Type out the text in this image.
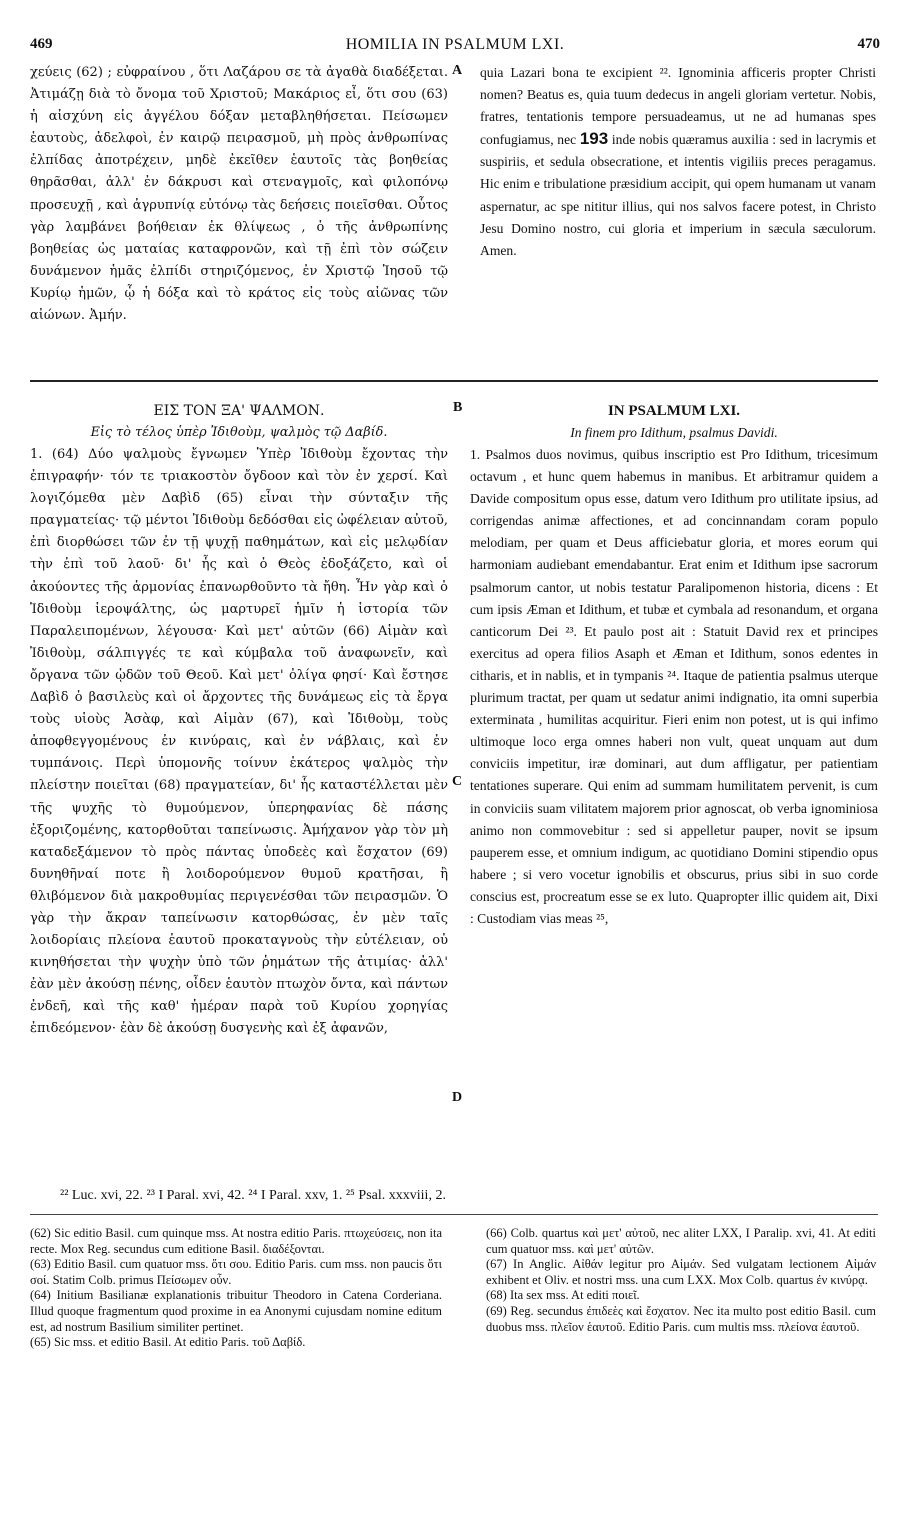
469	HOMILIA IN PSALMUM LXI.	470
A
B
C
D

χεύεις (62) ; εὐφραίνου , ὅτι Λαζάρου σε τὰ ἀγαθὰ διαδέξεται. Ἀτιμάζῃ διὰ τὸ ὄνομα τοῦ Χριστοῦ; Μακάριος εἶ, ὅτι σου (63) ἡ αἰσχύνη εἰς ἀγγέλου δόξαν μεταβληθήσεται. Πείσωμεν ἑαυτοὺς, ἀδελφοὶ, ἐν καιρῷ πειρασμοῦ, μὴ πρὸς ἀνθρωπίνας ἐλπίδας ἀποτρέχειν, μηδὲ ἐκεῖθεν ἑαυτοῖς τὰς βοηθείας θηρᾶσθαι, ἀλλ' ἐν δάκρυσι καὶ στεναγμοῖς, καὶ φιλοπόνῳ προσευχῇ , καὶ ἀγρυπνίᾳ εὐτόνῳ τὰς δεήσεις ποιεῖσθαι. Οὗτος γὰρ λαμβάνει βοήθειαν ἐκ θλίψεως , ὁ τῆς ἀνθρωπίνης βοηθείας ὡς ματαίας καταφρονῶν, καὶ τῇ ἐπὶ τὸν σώζειν δυνάμενον ἡμᾶς ἐλπίδι στηριζόμενος, ἐν Χριστῷ Ἰησοῦ τῷ Κυρίῳ ἡμῶν, ᾧ ἡ δόξα καὶ τὸ κράτος εἰς τοὺς αἰῶνας τῶν αἰώνων. Ἀμήν.

quia Lazari bona te excipient ²². Ignominia afficeris propter Christi nomen? Beatus es, quia tuum dedecus in angeli gloriam vertetur. Nobis, fratres, tentationis tempore persuadeamus, ut ne ad humanas spes confugiamus, nec 193 inde nobis quæramus auxilia : sed in lacrymis et suspiriis, et sedula obsecratione, et intentis vigiliis preces peragamus. Hic enim e tribulatione præsidium accipit, qui opem humanam ut vanam aspernatur, ac spe nititur illius, qui nos salvos facere potest, in Christo Jesu Domino nostro, cui gloria et imperium in sæcula sæculorum. Amen.

ΕΙΣ ΤΟΝ ΞΑ' ΨΑΛΜΟΝ.
Εἰς τὸ τέλος ὑπὲρ Ἰδιθοὺμ, ψαλμὸς τῷ Δαβίδ.

1. (64) Δύο ψαλμοὺς ἔγνωμεν Ὑπὲρ Ἰδιθοὺμ ἔχοντας τὴν ἐπιγραφήν· τόν τε τριακοστὸν ὄγδοον καὶ τὸν ἐν χερσί. Καὶ λογιζόμεθα μὲν Δαβὶδ (65) εἶναι τὴν σύνταξιν τῆς πραγματείας· τῷ μέντοι Ἰδιθοὺμ δεδόσθαι εἰς ὠφέλειαν αὐτοῦ, ἐπὶ διορθώσει τῶν ἐν τῇ ψυχῇ παθημάτων, καὶ εἰς μελῳδίαν τὴν ἐπὶ τοῦ λαοῦ· δι' ἧς καὶ ὁ Θεὸς ἐδοξάζετο, καὶ οἱ ἀκούοντες τῆς ἁρμονίας ἐπανωρθοῦντο τὰ ἤθη. Ἦν γὰρ καὶ ὁ Ἰδιθοὺμ ἱεροψάλτης, ὡς μαρτυρεῖ ἡμῖν ἡ ἱστορία τῶν Παραλειπομένων, λέγουσα· Καὶ μετ' αὐτῶν (66) Αἱμὰν καὶ Ἰδιθοὺμ, σάλπιγγές τε καὶ κύμβαλα τοῦ ἀναφωνεῖν, καὶ ὄργανα τῶν ᾠδῶν τοῦ Θεοῦ. Καὶ μετ' ὀλίγα φησί· Καὶ ἔστησε Δαβὶδ ὁ βασιλεὺς καὶ οἱ ἄρχοντες τῆς δυνάμεως εἰς τὰ ἔργα τοὺς υἱοὺς Ἀσὰφ, καὶ Αἱμὰν (67), καὶ Ἰδιθοὺμ, τοὺς ἀποφθεγγομένους ἐν κινύραις, καὶ ἐν νάβλαις, καὶ ἐν τυμπάνοις. Περὶ ὑπομονῆς τοίνυν ἑκάτερος ψαλμὸς τὴν πλείστην ποιεῖται (68) πραγματείαν, δι' ἧς καταστέλλεται μὲν τῆς ψυχῆς τὸ θυμούμενον, ὑπερηφανίας δὲ πάσης ἐξοριζομένης, κατορθοῦται ταπείνωσις. Ἀμήχανον γὰρ τὸν μὴ καταδεξάμενον τὸ πρὸς πάντας ὑποδεὲς καὶ ἔσχατον (69) δυνηθῆναί ποτε ἢ λοιδορούμενον θυμοῦ κρατῆσαι, ἢ θλιβόμενον διὰ μακροθυμίας περιγενέσθαι τῶν πειρασμῶν. Ὁ γὰρ τὴν ἄκραν ταπείνωσιν κατορθώσας, ἐν μὲν ταῖς λοιδορίαις πλείονα ἑαυτοῦ προκαταγνοὺς τὴν εὐτέλειαν, οὐ κινηθήσεται τὴν ψυχὴν ὑπὸ τῶν ῥημάτων τῆς ἀτιμίας· ἀλλ' ἐὰν μὲν ἀκούσῃ πένης, οἶδεν ἑαυτὸν πτωχὸν ὄντα, καὶ πάντων ἐνδεῆ, καὶ τῆς καθ' ἡμέραν παρὰ τοῦ Κυρίου χορηγίας ἐπιδεόμενον· ἐὰν δὲ ἀκούσῃ δυσγενὴς καὶ ἐξ ἀφανῶν,

IN PSALMUM LXI.
In finem pro Idithum, psalmus Davidi.

1. Psalmos duos novimus, quibus inscriptio est Pro Idithum, tricesimum octavum , et hunc quem habemus in manibus. Et arbitramur quidem a Davide compositum opus esse, datum vero Idithum pro utilitate ipsius, ad corrigendas animæ affectiones, et ad concinnandam coram populo melodiam, per quam et Deus afficiebatur gloria, et mores eorum qui harmoniam audiebant emendabantur. Erat enim et Idithum ipse sacrorum psalmorum cantor, ut nobis testatur Paralipomenon historia, dicens : Et cum ipsis Æman et Idithum, et tubæ et cymbala ad resonandum, et organa canticorum Dei ²³. Et paulo post ait : Statuit David rex et principes exercitus ad opera filios Asaph et Æman et Idithum, sonos edentes in citharis, et in nablis, et in tympanis ²⁴. Itaque de patientia psalmus uterque plurimum tractat, per quam ut sedatur animi indignatio, ita omni superbia exterminata , humilitas acquiritur. Fieri enim non potest, ut is qui infimo ultimoque loco erga omnes haberi non vult, queat unquam aut dum conviciis impetitur, iræ dominari, aut dum affligatur, per patientiam tentationes superare. Qui enim ad summam humilitatem pervenit, is cum in conviciis suam vilitatem majorem prior agnoscat, ob verba ignominiosa animo non commovebitur : sed si appelletur pauper, novit se ipsum pauperem esse, et omnium indigum, ac quotidiano Domini stipendio opus habere ; si vero vocetur ignobilis et obscurus, prius sibi in suo corde conscius est, procreatum esse se ex luto. Quapropter illic quidem ait, Dixi : Custodiam vias meas ²⁵,

²² Luc. xvi, 22. ²³ I Paral. xvi, 42. ²⁴ I Paral. xxv, 1. ²⁵ Psal. xxxviii, 2.

(62) Sic editio Basil. cum quinque mss. At nostra editio Paris. πτωχεύσεις, non ita recte. Mox Reg. secundus cum editione Basil. διαδέξονται.

(63) Editio Basil. cum quatuor mss. ὅτι σου. Editio Paris. cum mss. non paucis ὅτι σοί. Statim Colb. primus Πείσωμεν οὖν.

(64) Initium Basilianæ explanationis tribuitur Theodoro in Catena Corderiana. Illud quoque fragmentum quod proxime in ea Anonymi cujusdam nomine editum est, ad nostrum Basilium similiter pertinet.

(65) Sic mss. et editio Basil. At editio Paris. τοῦ Δαβίδ.

(66) Colb. quartus καὶ μετ' αὐτοῦ, nec aliter LXX, I Paralip. xvi, 41. At editi cum quatuor mss. καὶ μετ' αὐτῶν.

(67) In Anglic. Αἰθάν legitur pro Αἱμάν. Sed vulgatam lectionem Αἱμάν exhibent et Oliv. et nostri mss. una cum LXX. Mox Colb. quartus ἐν κινύρᾳ.

(68) Ita sex mss. At editi ποιεῖ.

(69) Reg. secundus ἐπιδεὲς καὶ ἔσχατον. Nec ita multo post editio Basil. cum duobus mss. πλεῖον ἑαυτοῦ. Editio Paris. cum multis mss. πλείονα ἑαυτοῦ.
